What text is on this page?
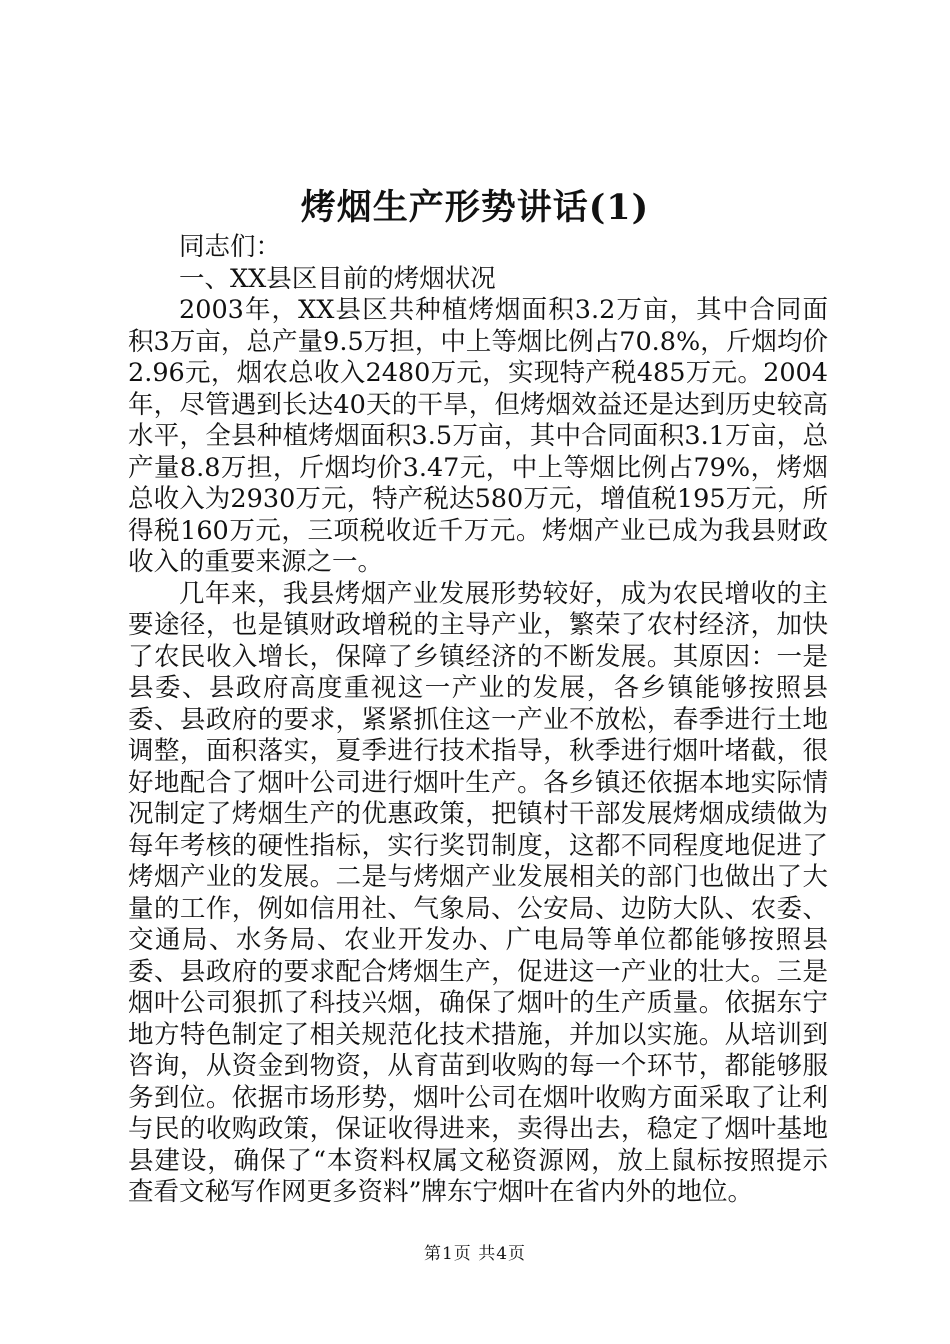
烤烟生产形势讲话(1)

同志们：

一、XX县区目前的烤烟状况

2003年，XX县区共种植烤烟面积3.2万亩，其中合同面积3万亩，总产量9.5万担，中上等烟比例占70.8%，斤烟均价2.96元，烟农总收入2480万元，实现特产税485万元。2004年，尽管遇到长达40天的干旱，但烤烟效益还是达到历史较高水平，全县种植烤烟面积3.5万亩，其中合同面积3.1万亩，总产量8.8万担，斤烟均价3.47元，中上等烟比例占79%，烤烟总收入为2930万元，特产税达580万元，增值税195万元，所得税160万元，三项税收近千万元。烤烟产业已成为我县财政收入的重要来源之一。

几年来，我县烤烟产业发展形势较好，成为农民增收的主要途径，也是镇财政增税的主导产业，繁荣了农村经济，加快了农民收入增长，保障了乡镇经济的不断发展。其原因：一是县委、县政府高度重视这一产业的发展，各乡镇能够按照县委、县政府的要求，紧紧抓住这一产业不放松，春季进行土地调整，面积落实，夏季进行技术指导，秋季进行烟叶堵截，很好地配合了烟叶公司进行烟叶生产。各乡镇还依据本地实际情况制定了烤烟生产的优惠政策，把镇村干部发展烤烟成绩做为每年考核的硬性指标，实行奖罚制度，这都不同程度地促进了烤烟产业的发展。二是与烤烟产业发展相关的部门也做出了大量的工作，例如信用社、气象局、公安局、边防大队、农委、交通局、水务局、农业开发办、广电局等单位都能够按照县委、县政府的要求配合烤烟生产，促进这一产业的壮大。三是烟叶公司狠抓了科技兴烟，确保了烟叶的生产质量。依据东宁地方特色制定了相关规范化技术措施，并加以实施。从培训到咨询，从资金到物资，从育苗到收购的每一个环节，都能够服务到位。依据市场形势，烟叶公司在烟叶收购方面采取了让利与民的收购政策，保证收得进来，卖得出去，稳定了烟叶基地县建设，确保了“本资料权属文秘资源网，放上鼠标按照提示查看文秘写作网更多资料”牌东宁烟叶在省内外的地位。

第1页 共4页
